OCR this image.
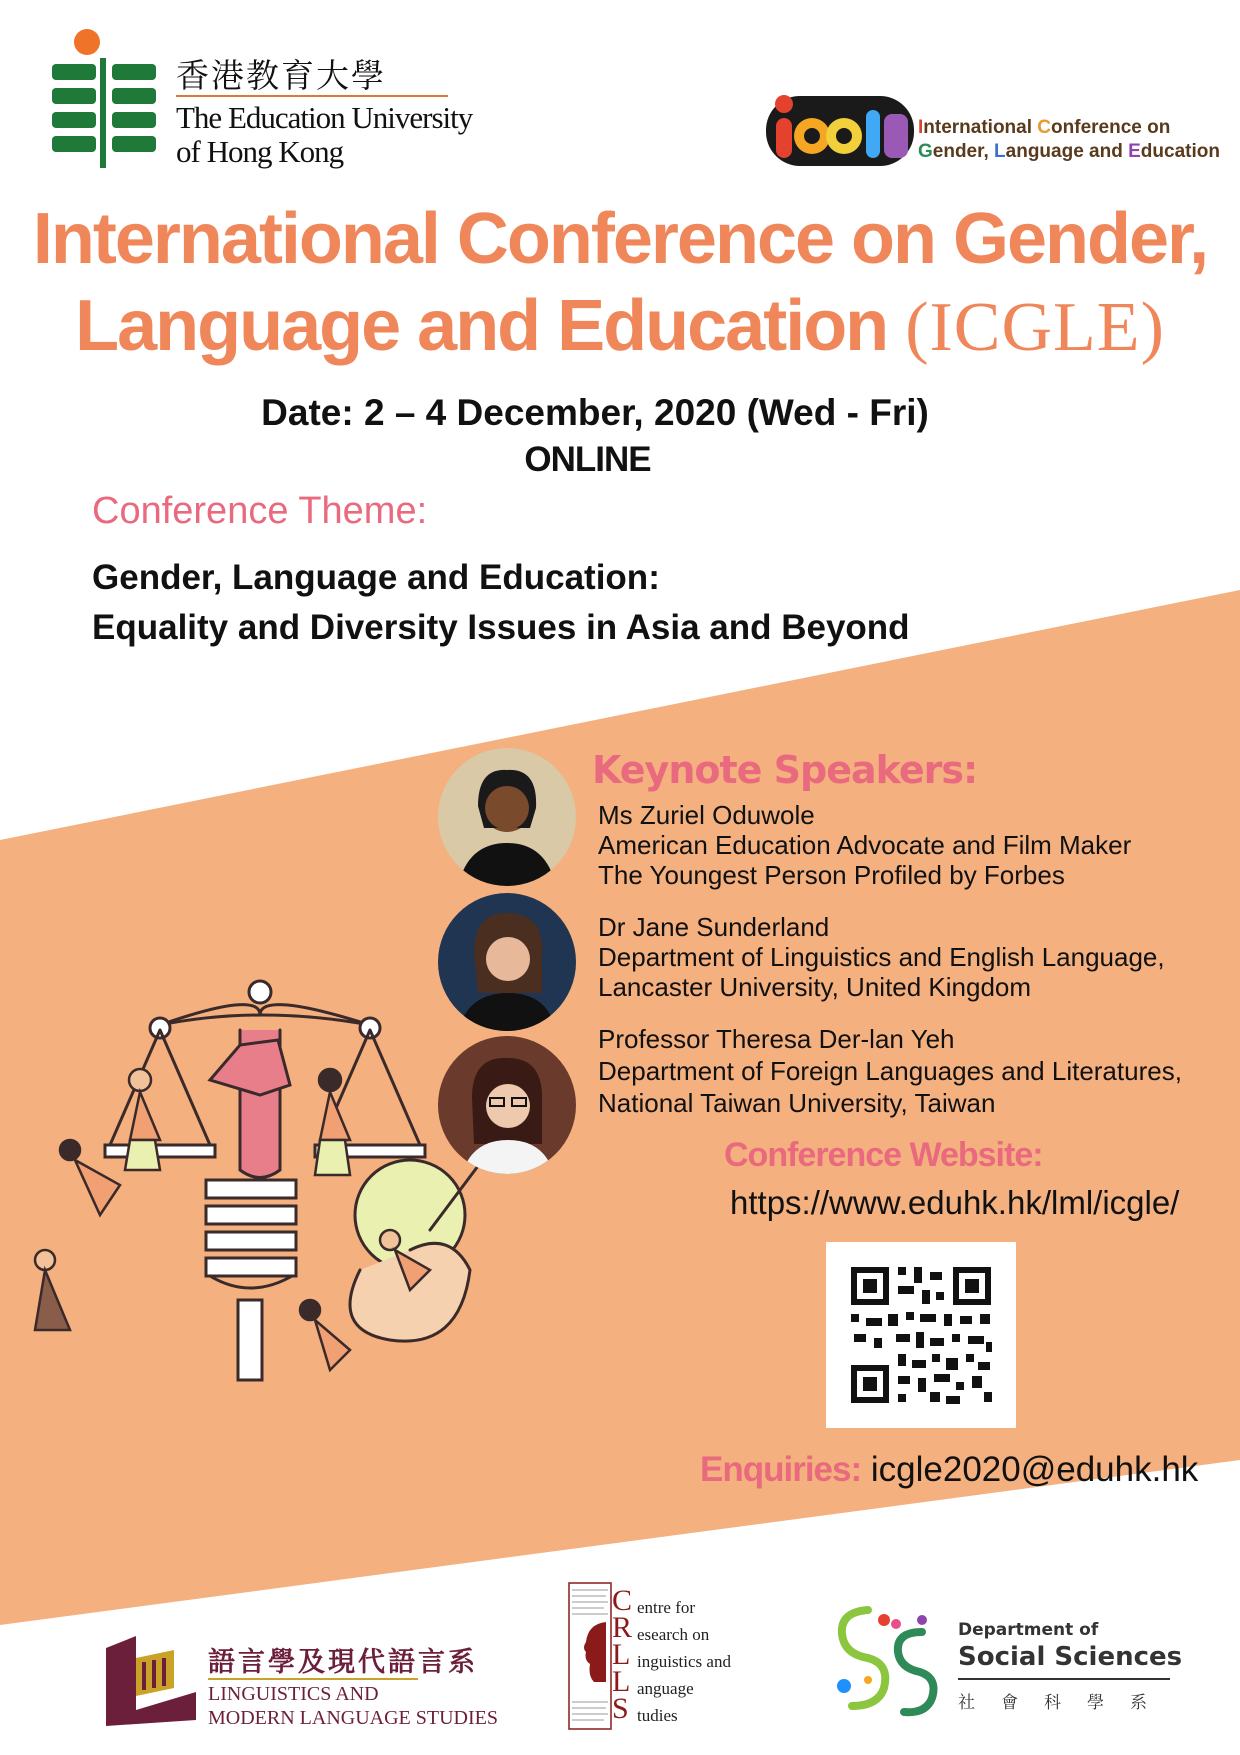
香港教育大學
The Education University
of Hong Kong
International Conference on
Gender, Language and Education
International Conference on Gender,
Language and Education (ICGLE)
Date: 2 – 4 December, 2020 (Wed - Fri)
ONLINE
Conference Theme:
Gender, Language and Education:
Equality and Diversity Issues in Asia and Beyond
Keynote Speakers:
Ms Zuriel Oduwole
American Education Advocate and Film Maker
The Youngest Person Profiled by Forbes
Dr Jane Sunderland
Department of Linguistics and English Language,
Lancaster University, United Kingdom
Professor Theresa Der-lan Yeh
Department of Foreign Languages and Literatures,
National Taiwan University, Taiwan
Conference Website:
https://www.eduhk.hk/lml/icgle/
Enquiries: icgle2020@eduhk.hk
語言學及現代語言系
LINGUISTICS AND
MODERN LANGUAGE STUDIES
C
R
L
L
S
entre for
esearch on
inguistics and
anguage
tudies
Department of
Social Sciences
社會科學系
